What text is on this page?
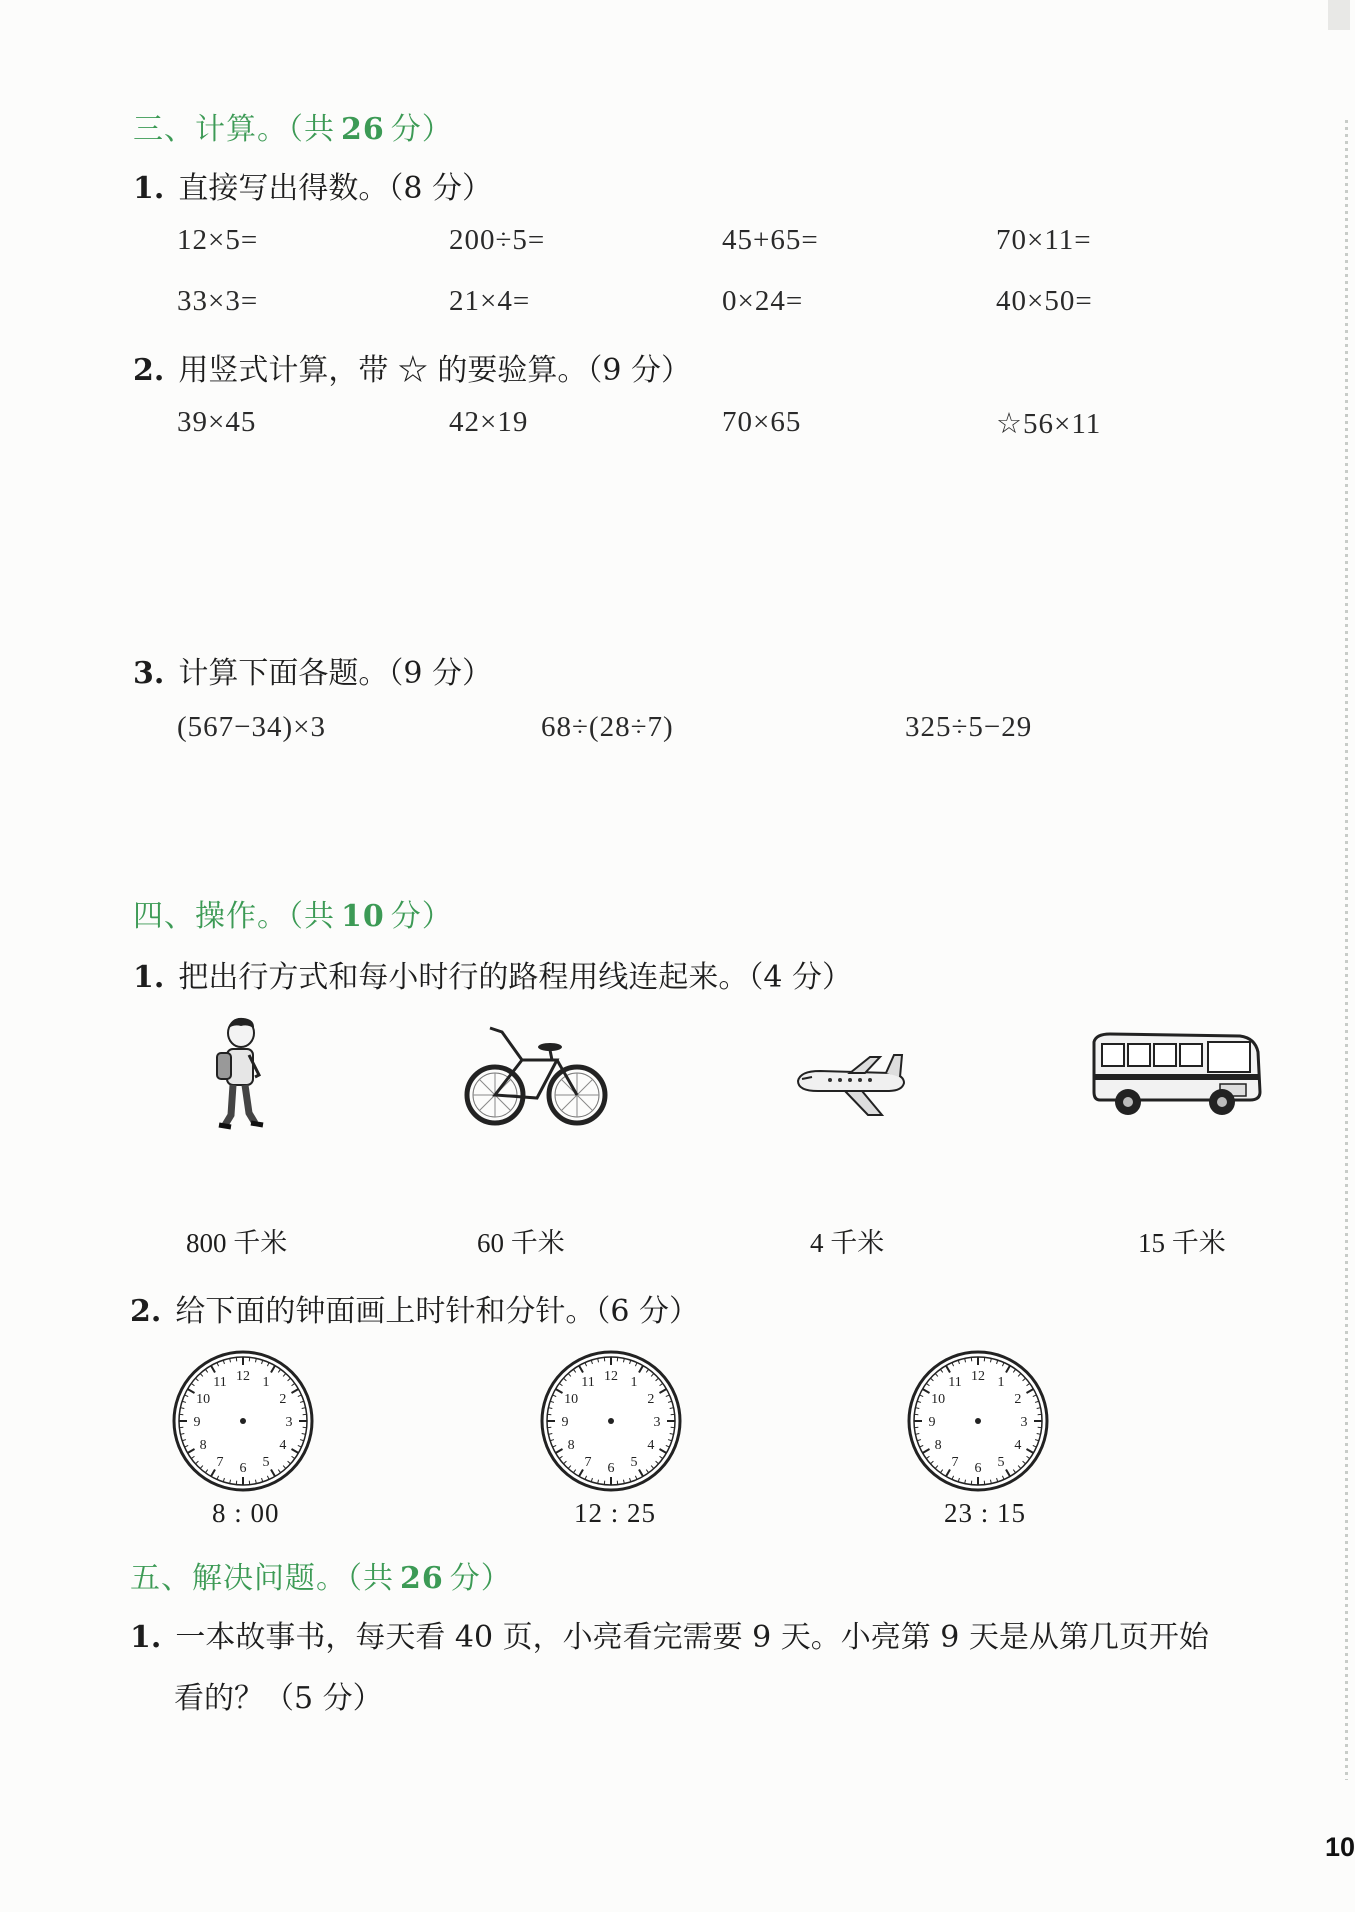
三、计算。（共 26 分）
1. 直接写出得数。（8 分）
12×5=	200÷5=	45+65=	70×11=
33×3=	21×4=	0×24=	40×50=
2. 用竖式计算，带 ☆ 的要验算。（9 分）
39×45	42×19	70×65	☆56×11
3. 计算下面各题。（9 分）
(567−34)×3	68÷(28÷7)	325÷5−29
四、操作。（共 10 分）
1. 把出行方式和每小时行的路程用线连起来。（4 分）
800 千米	60 千米	4 千米	15 千米
2. 给下面的钟面画上时针和分针。（6 分）
1
2
3
4
5
6
7
8
9
10
11 12	1
2
3
4
5
6
7
8
9
10
11 12	1
2
3
4
5
6
7
8
9
10
11 12
8 : 00	12 : 25	23 : 15
五、解决问题。（共 26 分）
1. 一本故事书，每天看 40 页，小亮看完需要 9 天。小亮第 9 天是从第几页开始
看的？（5 分）
10
